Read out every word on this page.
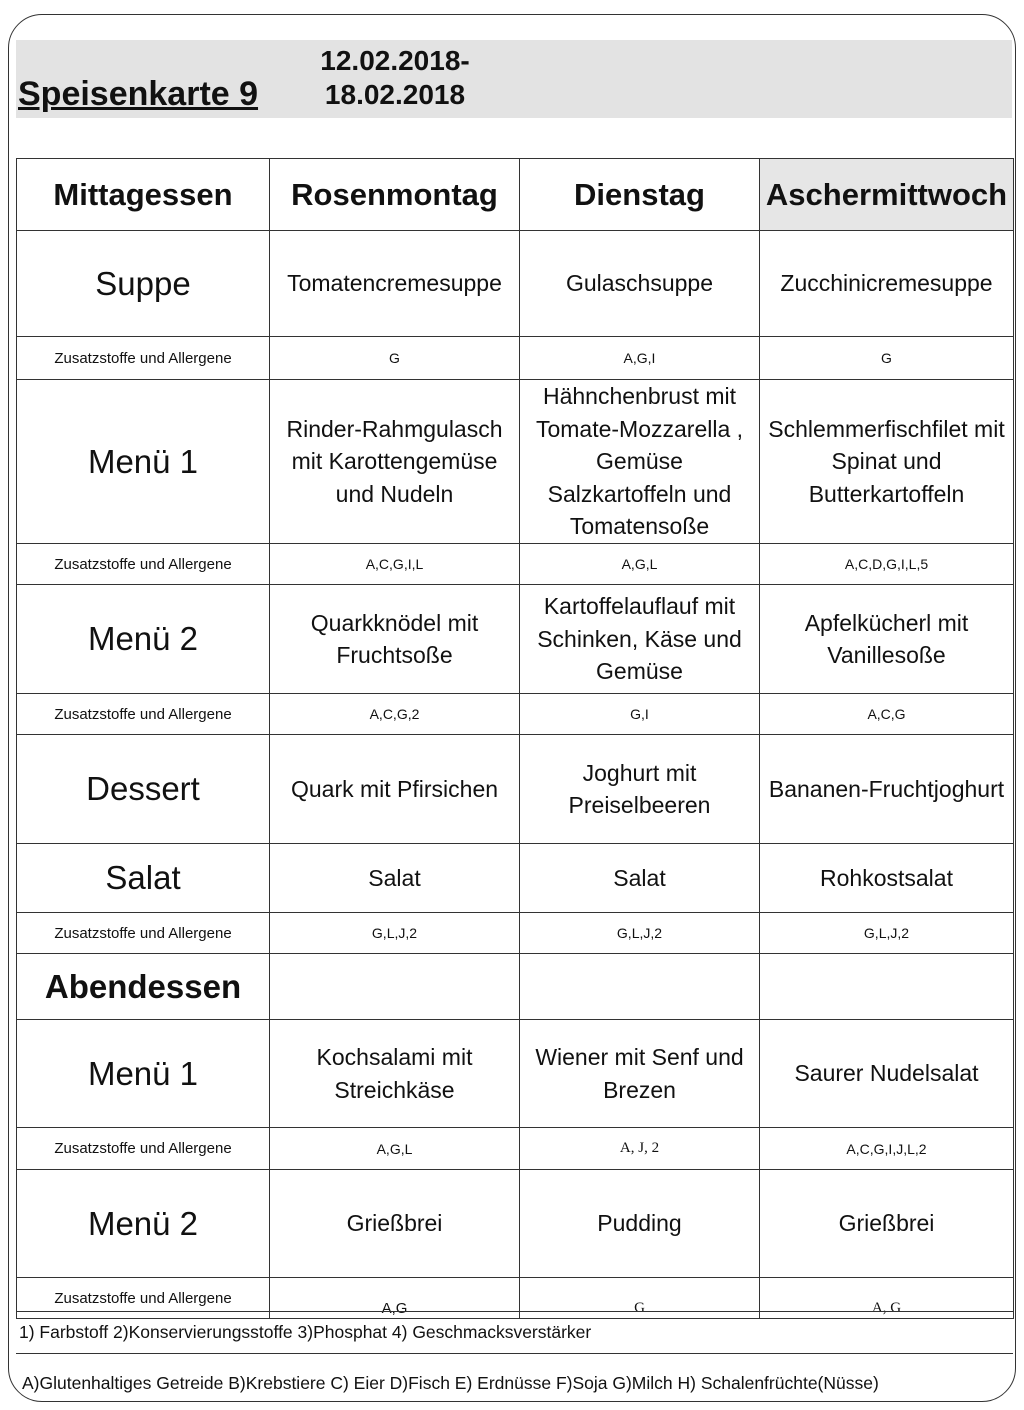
Speisenkarte 9
12.02.2018-
18.02.2018
Mittagessen	Rosenmontag	Dienstag	Aschermittwoch
Suppe	Tomatencremesuppe	Gulaschsuppe	Zucchinicremesuppe
Zusatzstoffe und Allergene	G	A,G,I	G
Menü 1	Rinder-Rahmgulasch mit Karottengemüse und Nudeln	Hähnchenbrust mit Tomate-Mozzarella , Gemüse Salzkartoffeln und Tomatensoße	Schlemmerfischfilet mit Spinat und Butterkartoffeln
Zusatzstoffe und Allergene	A,C,G,I,L	A,G,L	A,C,D,G,I,L,5
Menü 2	Quarkknödel mit Fruchtsoße	Kartoffelauflauf mit Schinken, Käse und Gemüse	Apfelkücherl mit Vanillesoße
Zusatzstoffe und Allergene	A,C,G,2	G,I	A,C,G
Dessert	Quark mit Pfirsichen	Joghurt mit Preiselbeeren	Bananen-Fruchtjoghurt
Salat	Salat	Salat	Rohkostsalat
Zusatzstoffe und Allergene	G,L,J,2	G,L,J,2	G,L,J,2
Abendessen			
Menü 1	Kochsalami mit Streichkäse	Wiener mit Senf und Brezen	Saurer Nudelsalat
Zusatzstoffe und Allergene	A,G,L	A, J, 2	A,C,G,I,J,L,2
Menü 2	Grießbrei	Pudding	Grießbrei
Zusatzstoffe und Allergene	A,G	G	A, G
1) Farbstoff 2)Konservierungsstoffe 3)Phosphat 4) Geschmacksverstärker
A)Glutenhaltiges Getreide B)Krebstiere C) Eier D)Fisch E) Erdnüsse F)Soja G)Milch H) Schalenfrüchte(Nüsse)
